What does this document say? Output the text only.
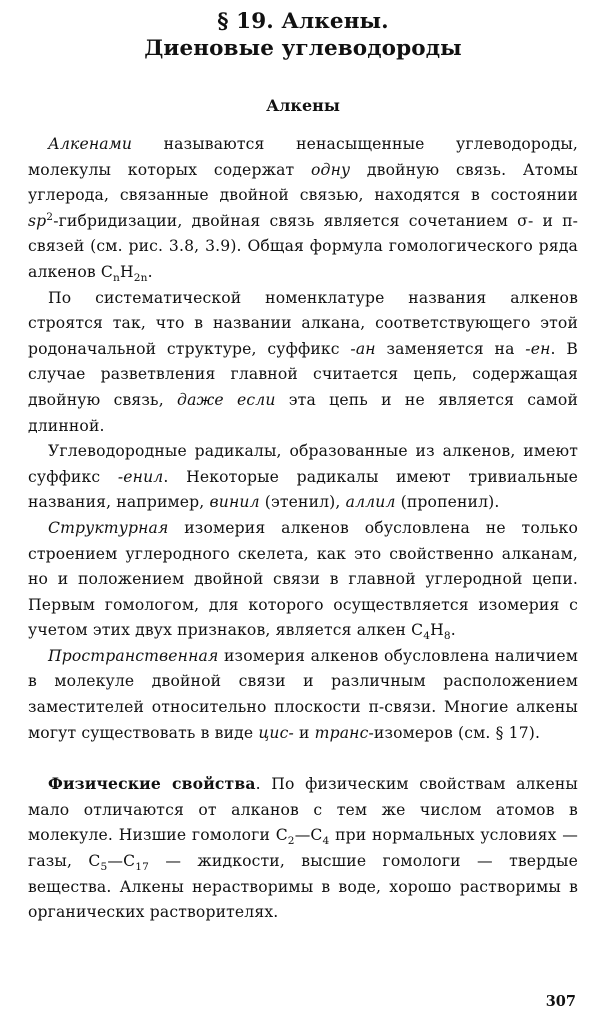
§ 19. Алкены.
Диеновые углеводороды
Алкены

Алкенами называются ненасыщенные углеводороды, молекулы которых содержат одну двойную связь. Атомы углерода, связанные двойной связью, находятся в состоянии $sp^2$-гибридизации, двойная связь является сочетанием σ- и π-связей (см. рис. 3.8, 3.9). Общая формула гомологического ряда алкенов $C_nH_{2n}$.

По систематической номенклатуре названия алкенов строятся так, что в названии алкана, соответствующего этой родоначальной структуре, суффикс -ан заменяется на -ен. В случае разветвления главной считается цепь, содержащая двойную связь, даже если эта цепь и не является самой длинной.

Углеводородные радикалы, образованные из алкенов, имеют суффикс -енил. Некоторые радикалы имеют тривиальные названия, например, винил (этенил), аллил (пропенил).

Структурная изомерия алкенов обусловлена не только строением углеродного скелета, как это свойственно алканам, но и положением двойной связи в главной углеродной цепи. Первым гомологом, для которого осуществляется изомерия с учетом этих двух признаков, является алкен $C_4H_8$.

Пространственная изомерия алкенов обусловлена наличием в молекуле двойной связи и различным расположением заместителей относительно плоскости π-связи. Многие алкены могут существовать в виде цис- и транс-изомеров (см. § 17).

Физические свойства. По физическим свойствам алкены мало отличаются от алканов с тем же числом атомов в молекуле. Низшие гомологи $C_2—C_4$ при нормальных условиях — газы, $C_5—C_{17}$ — жидкости, высшие гомологи — твердые вещества. Алкены нерастворимы в воде, хорошо растворимы в органических растворителях.

307
